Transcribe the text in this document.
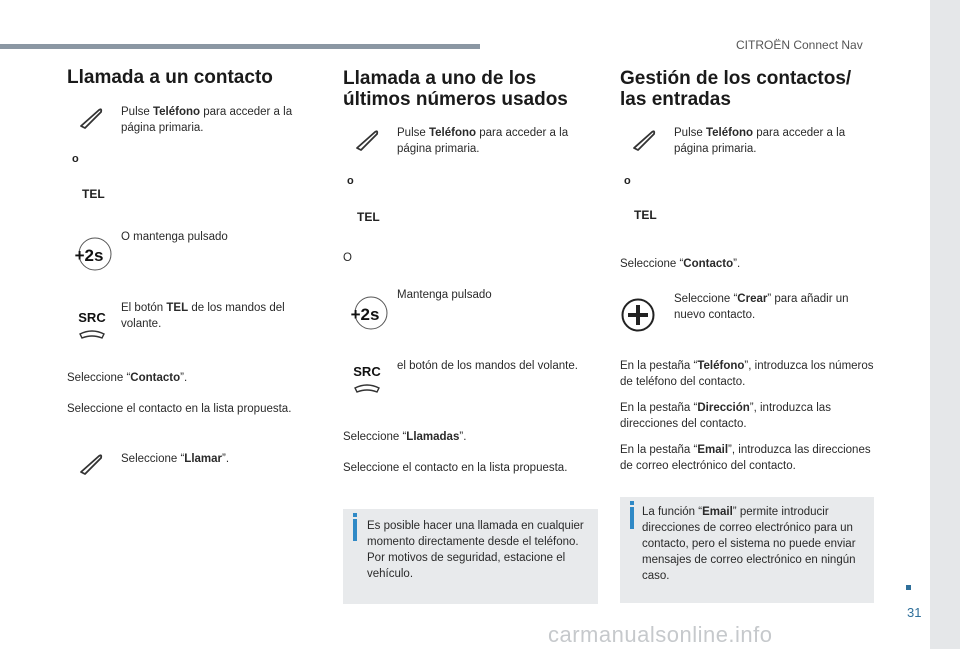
CITROËN Connect Nav
31
carmanualsonline.info
Llamada a un contacto

Pulse Teléfono para acceder a la página primaria.

o
TEL
+2s

O mantenga pulsado

SRC

El botón TEL de los mandos del volante.

Seleccione “Contacto”.

Seleccione el contacto en la lista propuesta.

Seleccione “Llamar”.

Llamada a uno de los
últimos números usados

Pulse Teléfono para acceder a la página primaria.

o
TEL

O

+2s

Mantenga pulsado

SRC el botón de los mandos del volante.

Seleccione “Llamadas”.

Seleccione el contacto en la lista propuesta.

Es posible hacer una llamada en cualquier momento directamente desde el teléfono. Por motivos de seguridad, estacione el vehículo.

Gestión de los contactos/
las entradas

Pulse Teléfono para acceder a la página primaria.

o
TEL

Seleccione “Contacto”.

Seleccione “Crear” para añadir un nuevo contacto.

En la pestaña “Teléfono”, introduzca los números de teléfono del contacto.

En la pestaña “Dirección”, introduzca las direcciones del contacto.

En la pestaña “Email”, introduzca las direcciones de correo electrónico del contacto.

La función “Email” permite introducir direcciones de correo electrónico para un contacto, pero el sistema no puede enviar mensajes de correo electrónico en ningún caso.
